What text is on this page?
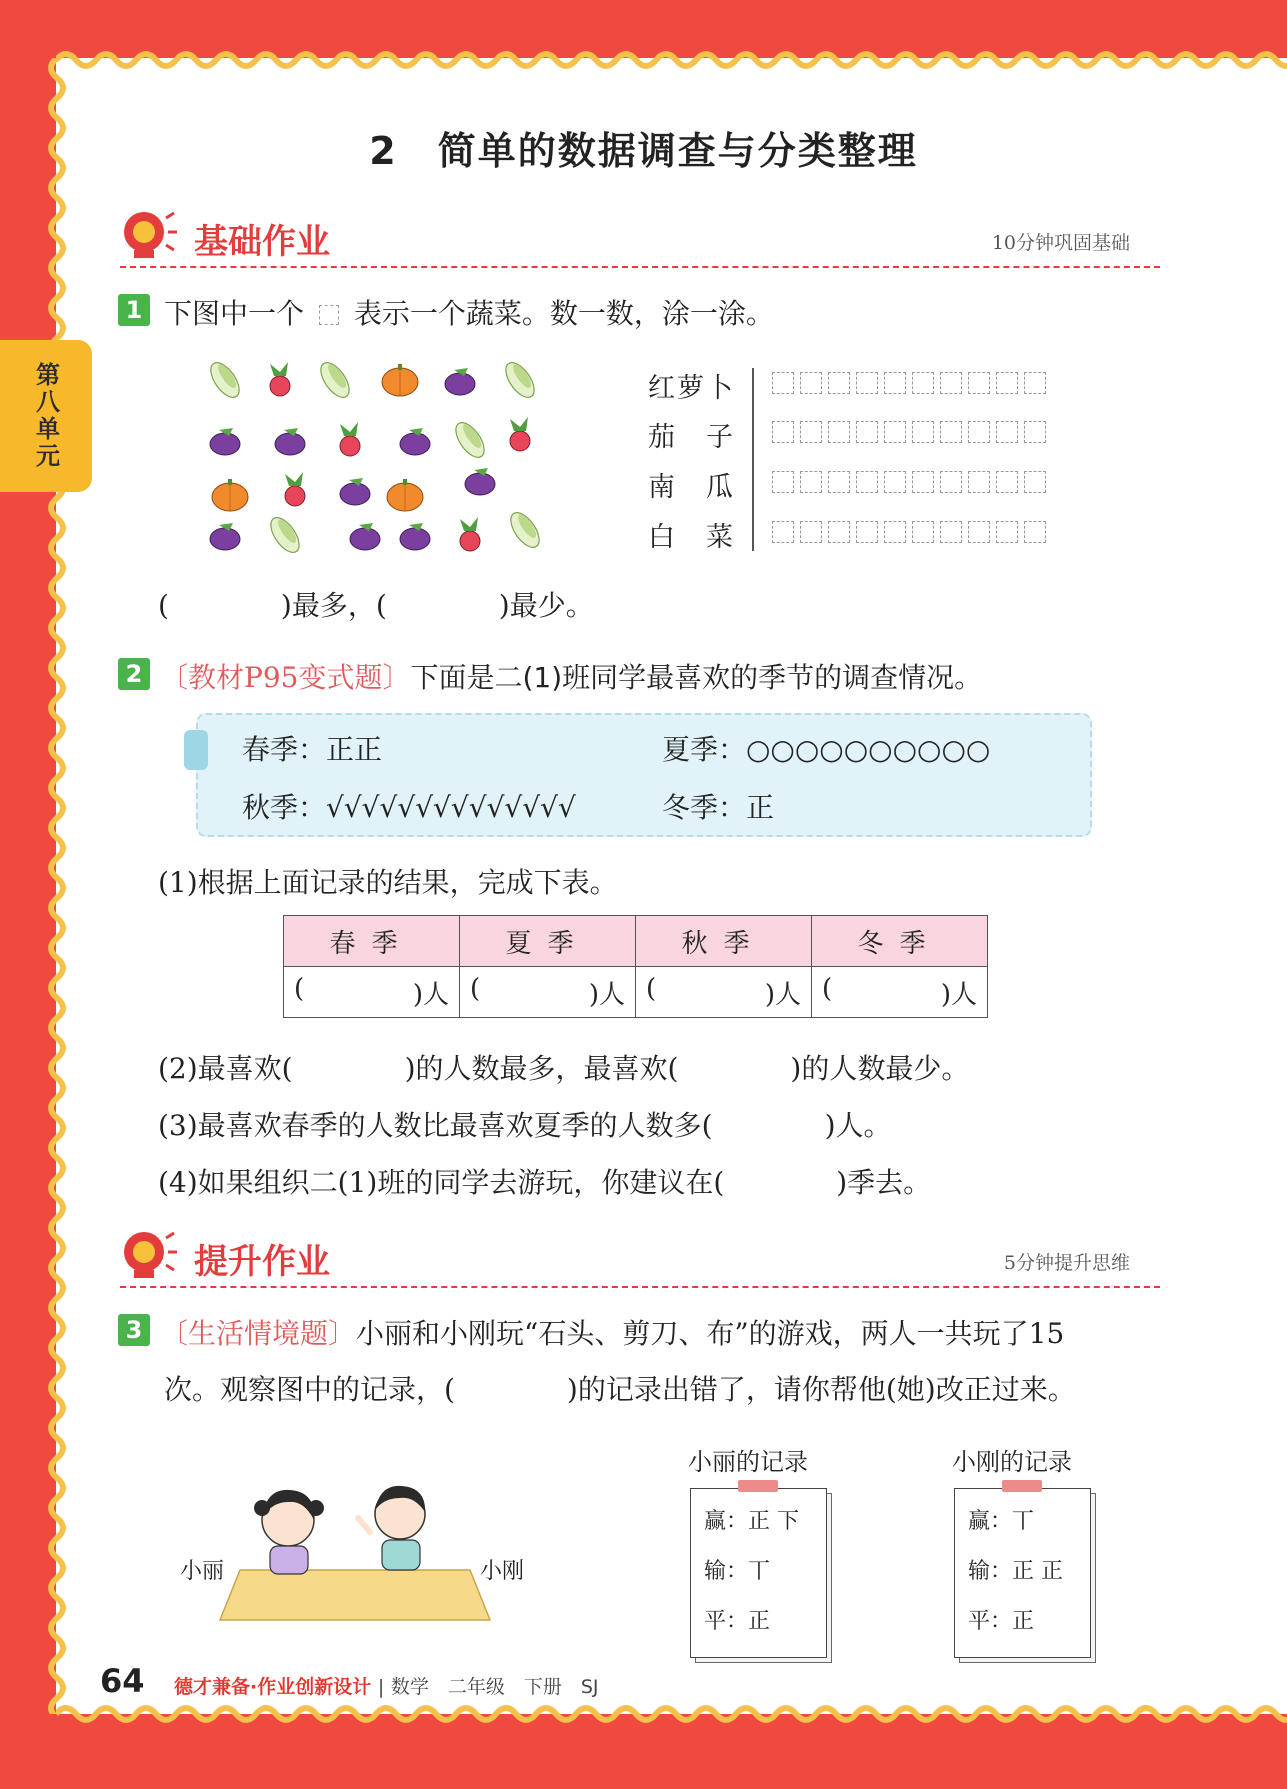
第八单元
2　简单的数据调查与分类整理
基础作业	10分钟巩固基础
1 下图中一个 表示一个蔬菜。数一数，涂一涂。
红萝卜
茄　子
南　瓜
白　菜
(　　　　)最多，(　　　　)最少。
2 〔教材P95变式题〕下面是二(1)班同学最喜欢的季节的调查情况。
春季：正正	夏季：○○○○○○○○○○
秋季：√√√√√√√√√√√√√√	冬季：正
(1)根据上面记录的结果，完成下表。
春季	夏季	秋季	冬季

( )人	( )人	( )人	( )人
(2)最喜欢(　　　　)的人数最多，最喜欢(　　　　)的人数最少。
(3)最喜欢春季的人数比最喜欢夏季的人数多(　　　　)人。
(4)如果组织二(1)班的同学去游玩，你建议在(　　　　)季去。
提升作业	5分钟提升思维
3 〔生活情境题〕小丽和小刚玩“石头、剪刀、布”的游戏，两人一共玩了15
次。观察图中的记录，(　　　　)的记录出错了，请你帮他(她)改正过来。
小丽	小刚
小丽的记录	小刚的记录
赢：正 下
输：丅
平：正
赢：丅
输：正 正
平：正
64 德才兼备·作业创新设计 | 数学　二年级　下册　SJ
